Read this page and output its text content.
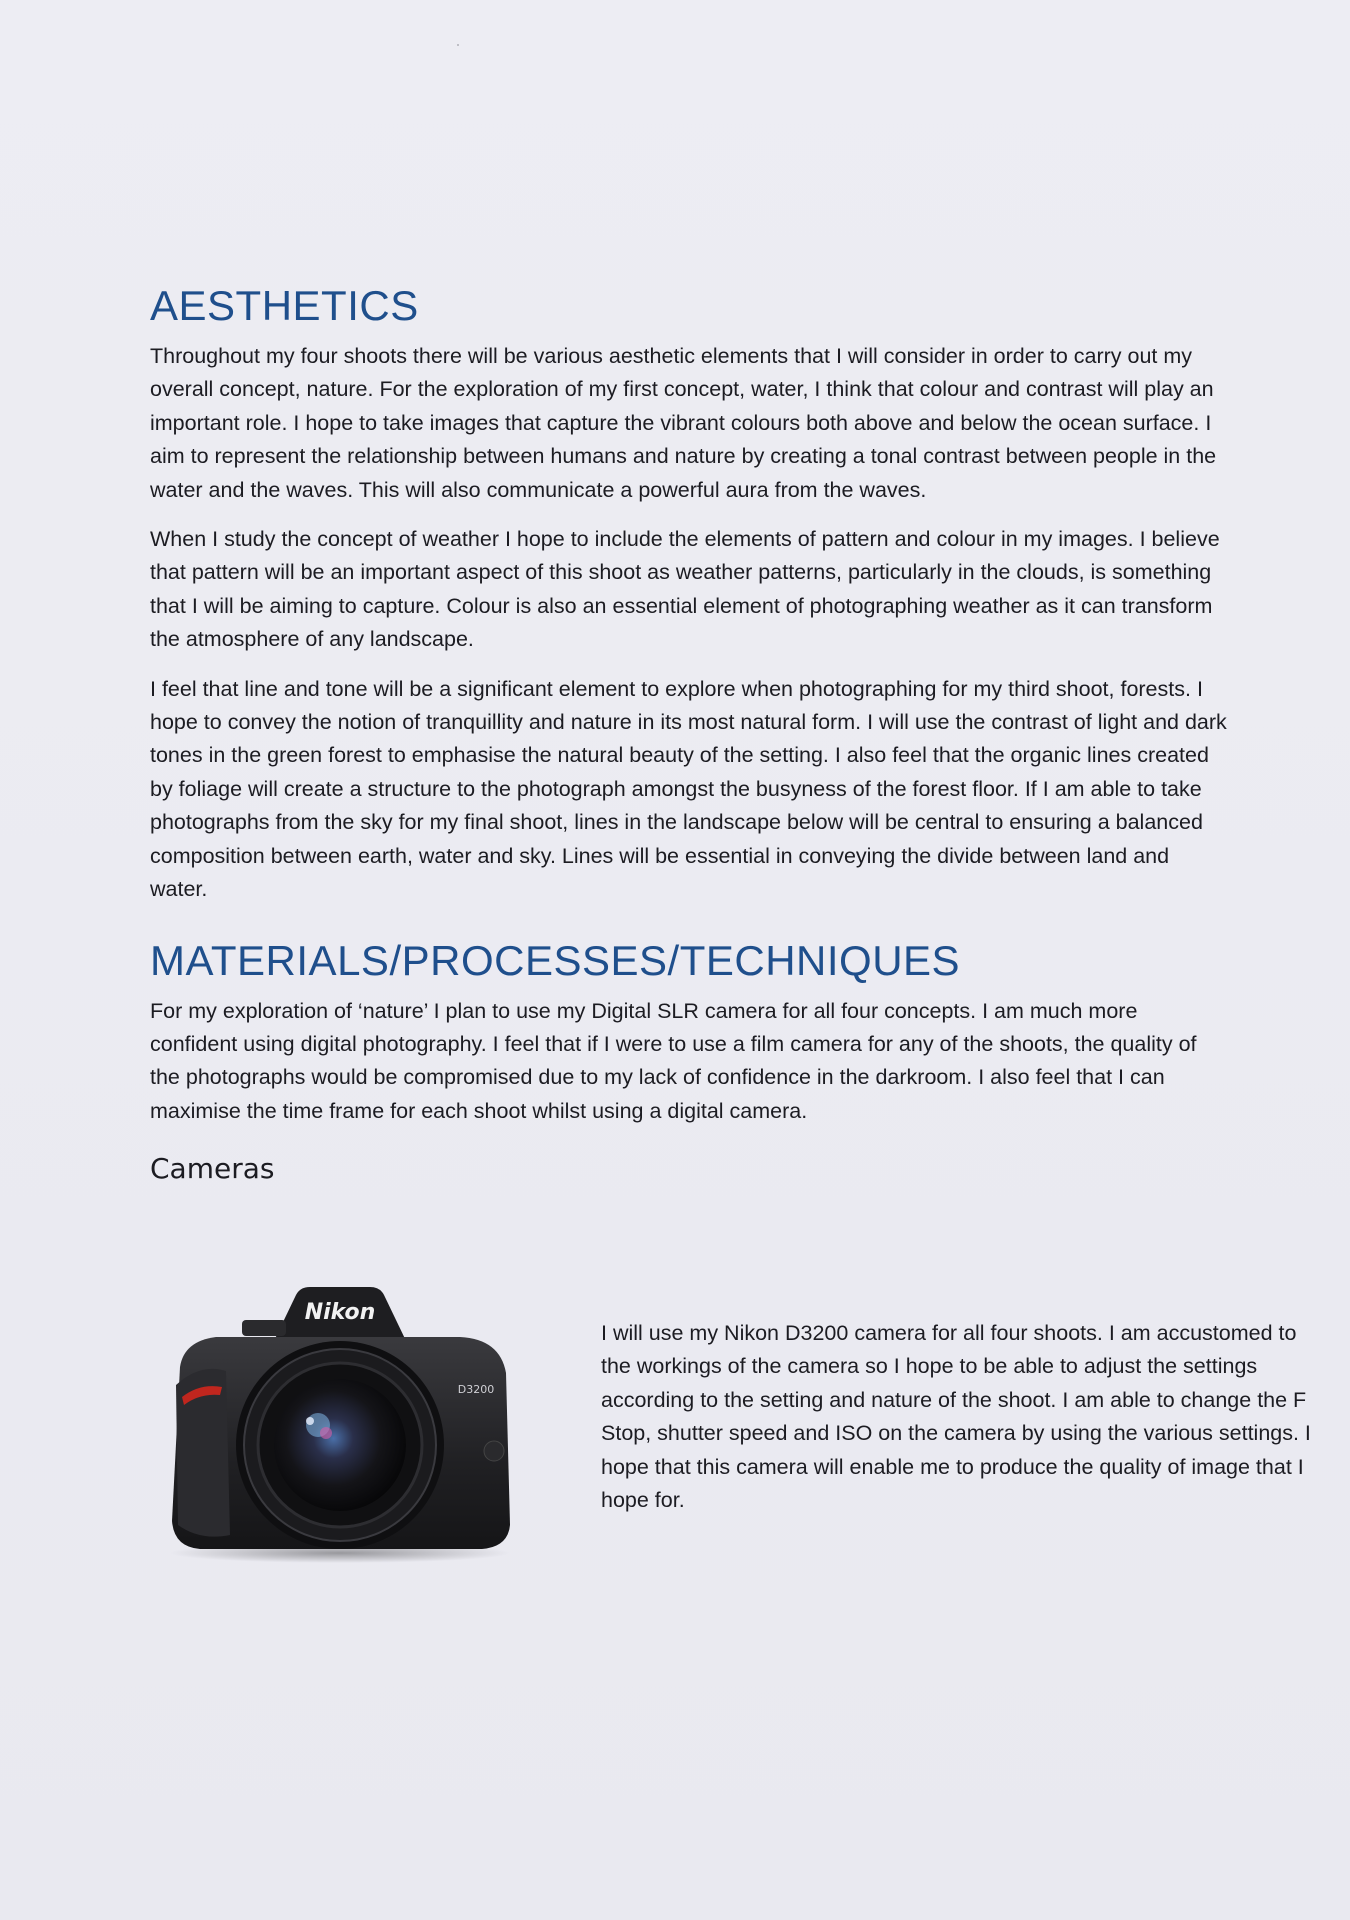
AESTHETICS

Throughout my four shoots there will be various aesthetic elements that I will consider in order to carry out my overall concept, nature. For the exploration of my first concept, water, I think that colour and contrast will play an important role. I hope to take images that capture the vibrant colours both above and below the ocean surface. I aim to represent the relationship between humans and nature by creating a tonal contrast between people in the water and the waves. This will also communicate a powerful aura from the waves.

When I study the concept of weather I hope to include the elements of pattern and colour in my images. I believe that pattern will be an important aspect of this shoot as weather patterns, particularly in the clouds, is something that I will be aiming to capture. Colour is also an essential element of photographing weather as it can transform the atmosphere of any landscape.

I feel that line and tone will be a significant element to explore when photographing for my third shoot, forests. I hope to convey the notion of tranquillity and nature in its most natural form. I will use the contrast of light and dark tones in the green forest to emphasise the natural beauty of the setting. I also feel that the organic lines created by foliage will create a structure to the photograph amongst the busyness of the forest floor. If I am able to take photographs from the sky for my final shoot, lines in the landscape below will be central to ensuring a balanced composition between earth, water and sky. Lines will be essential in conveying the divide between land and water.

MATERIALS/PROCESSES/TECHNIQUES

For my exploration of ‘nature’ I plan to use my Digital SLR camera for all four concepts. I am much more confident using digital photography. I feel that if I were to use a film camera for any of the shoots, the quality of the photographs would be compromised due to my lack of confidence in the darkroom. I also feel that I can maximise the time frame for each shoot whilst using a digital camera.

Cameras
Nikon
D3200

I will use my Nikon D3200 camera for all four shoots. I am accustomed to the workings of the camera so I hope to be able to adjust the settings according to the setting and nature of the shoot. I am able to change the F Stop, shutter speed and ISO on the camera by using the various settings. I hope that this camera will enable me to produce the quality of image that I hope for.
